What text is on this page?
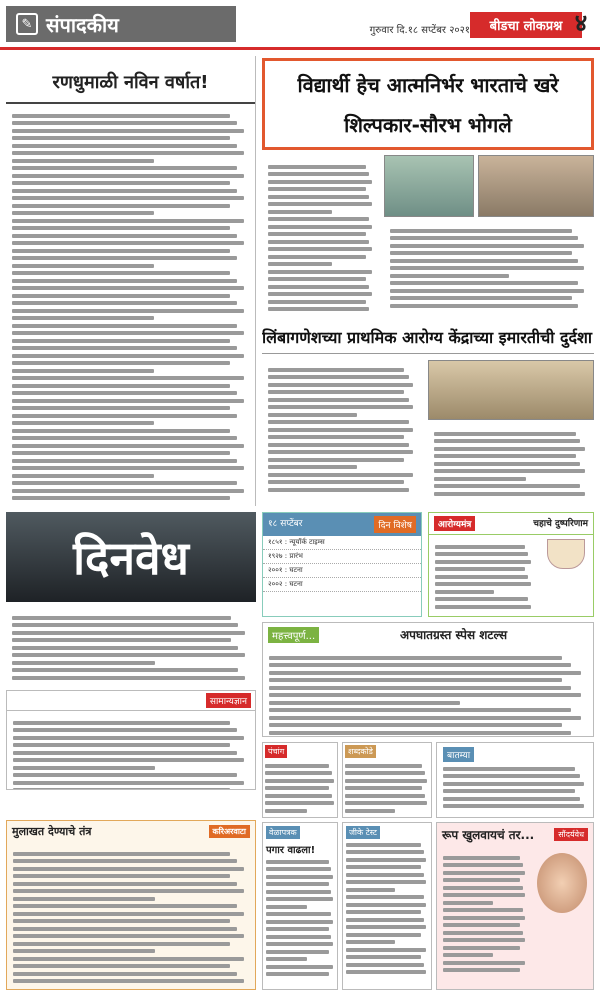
✎ संपादकीय	गुरुवार दि.१८ सप्टेंबर २०२१	बीडचा लोकप्रश्न ४
रणधुमाळी नविन वर्षात!	विद्यार्थी हेच आत्मनिर्भर भारताचे खरे शिल्पकार-सौरभ भोगले
लिंबागणेशच्या प्राथमिक आरोग्य केंद्राच्या इमारतीची दुर्दशा
दिनवेध
१८ सप्टेंबर	दिन विशेष
१८५१ : न्यूयॉर्क टाइम्स
१९२७ : प्रारंभ
२००१ : घटना
२००२ : घटना
आरोग्यमंत्र	चहाचे दुष्परिणाम
महत्त्वपूर्ण...	अपघातग्रस्त स्पेस शटल्स
सामान्यज्ञान
पंचांग	शब्दकोडे	बातम्या
मुलाखत देण्याचे तंत्र	करिअरवाटा	वेळापत्रक
पगार वाढला!
जीके टेस्ट	रूप खुलवायचं तर...	सौंदर्यवेध
